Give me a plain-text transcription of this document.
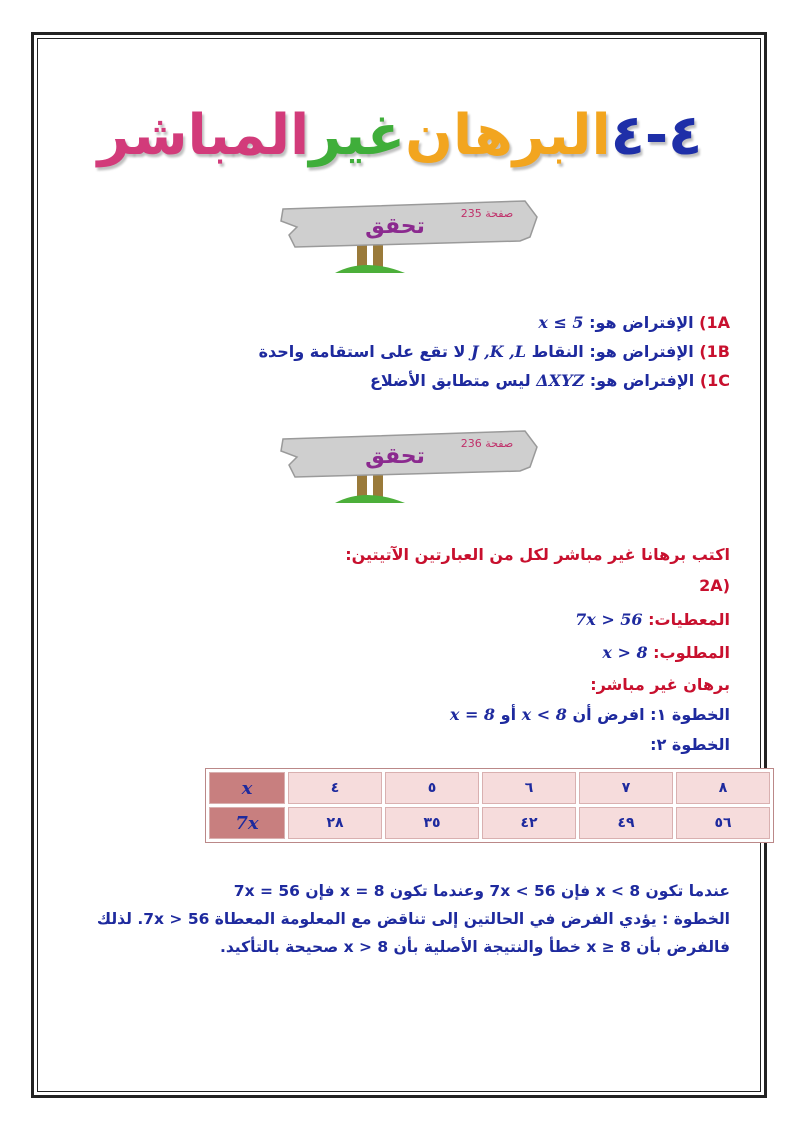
٤
-
٤
البرهان
غير
المباشر
تحقق
صفحة 235
1A) الإفتراض هو: x ≤ 5
1B) الإفتراض هو: النقاط J ,K ,L لا تقع على استقامة واحدة
1C) الإفتراض هو: ΔXYZ ليس متطابق الأضلاع
تحقق
صفحة 236
اكتب برهانا غير مباشر لكل من العبارتين الآتيتين:
(2A
المعطيات: 7x > 56
المطلوب: x > 8
برهان غير مباشر:
الخطوة ١: افرض أن x < 8 أو x = 8
الخطوة ٢:
x	٤	٥	٦	٧	٨
7x	٢٨	٣٥	٤٢	٤٩	٥٦
عندما تكون 8 > x فإن 56 > 7x وعندما تكون 8 = x فإن 56 = 7x
الخطوة : يؤدي الفرض في الحالتين إلى تناقض مع المعلومة المعطاة 56 < 7x. لذلك
فالفرض بأن 8 ≤ x خطأ والنتيجة الأصلية بأن 8 < x صحيحة بالتأكيد.
